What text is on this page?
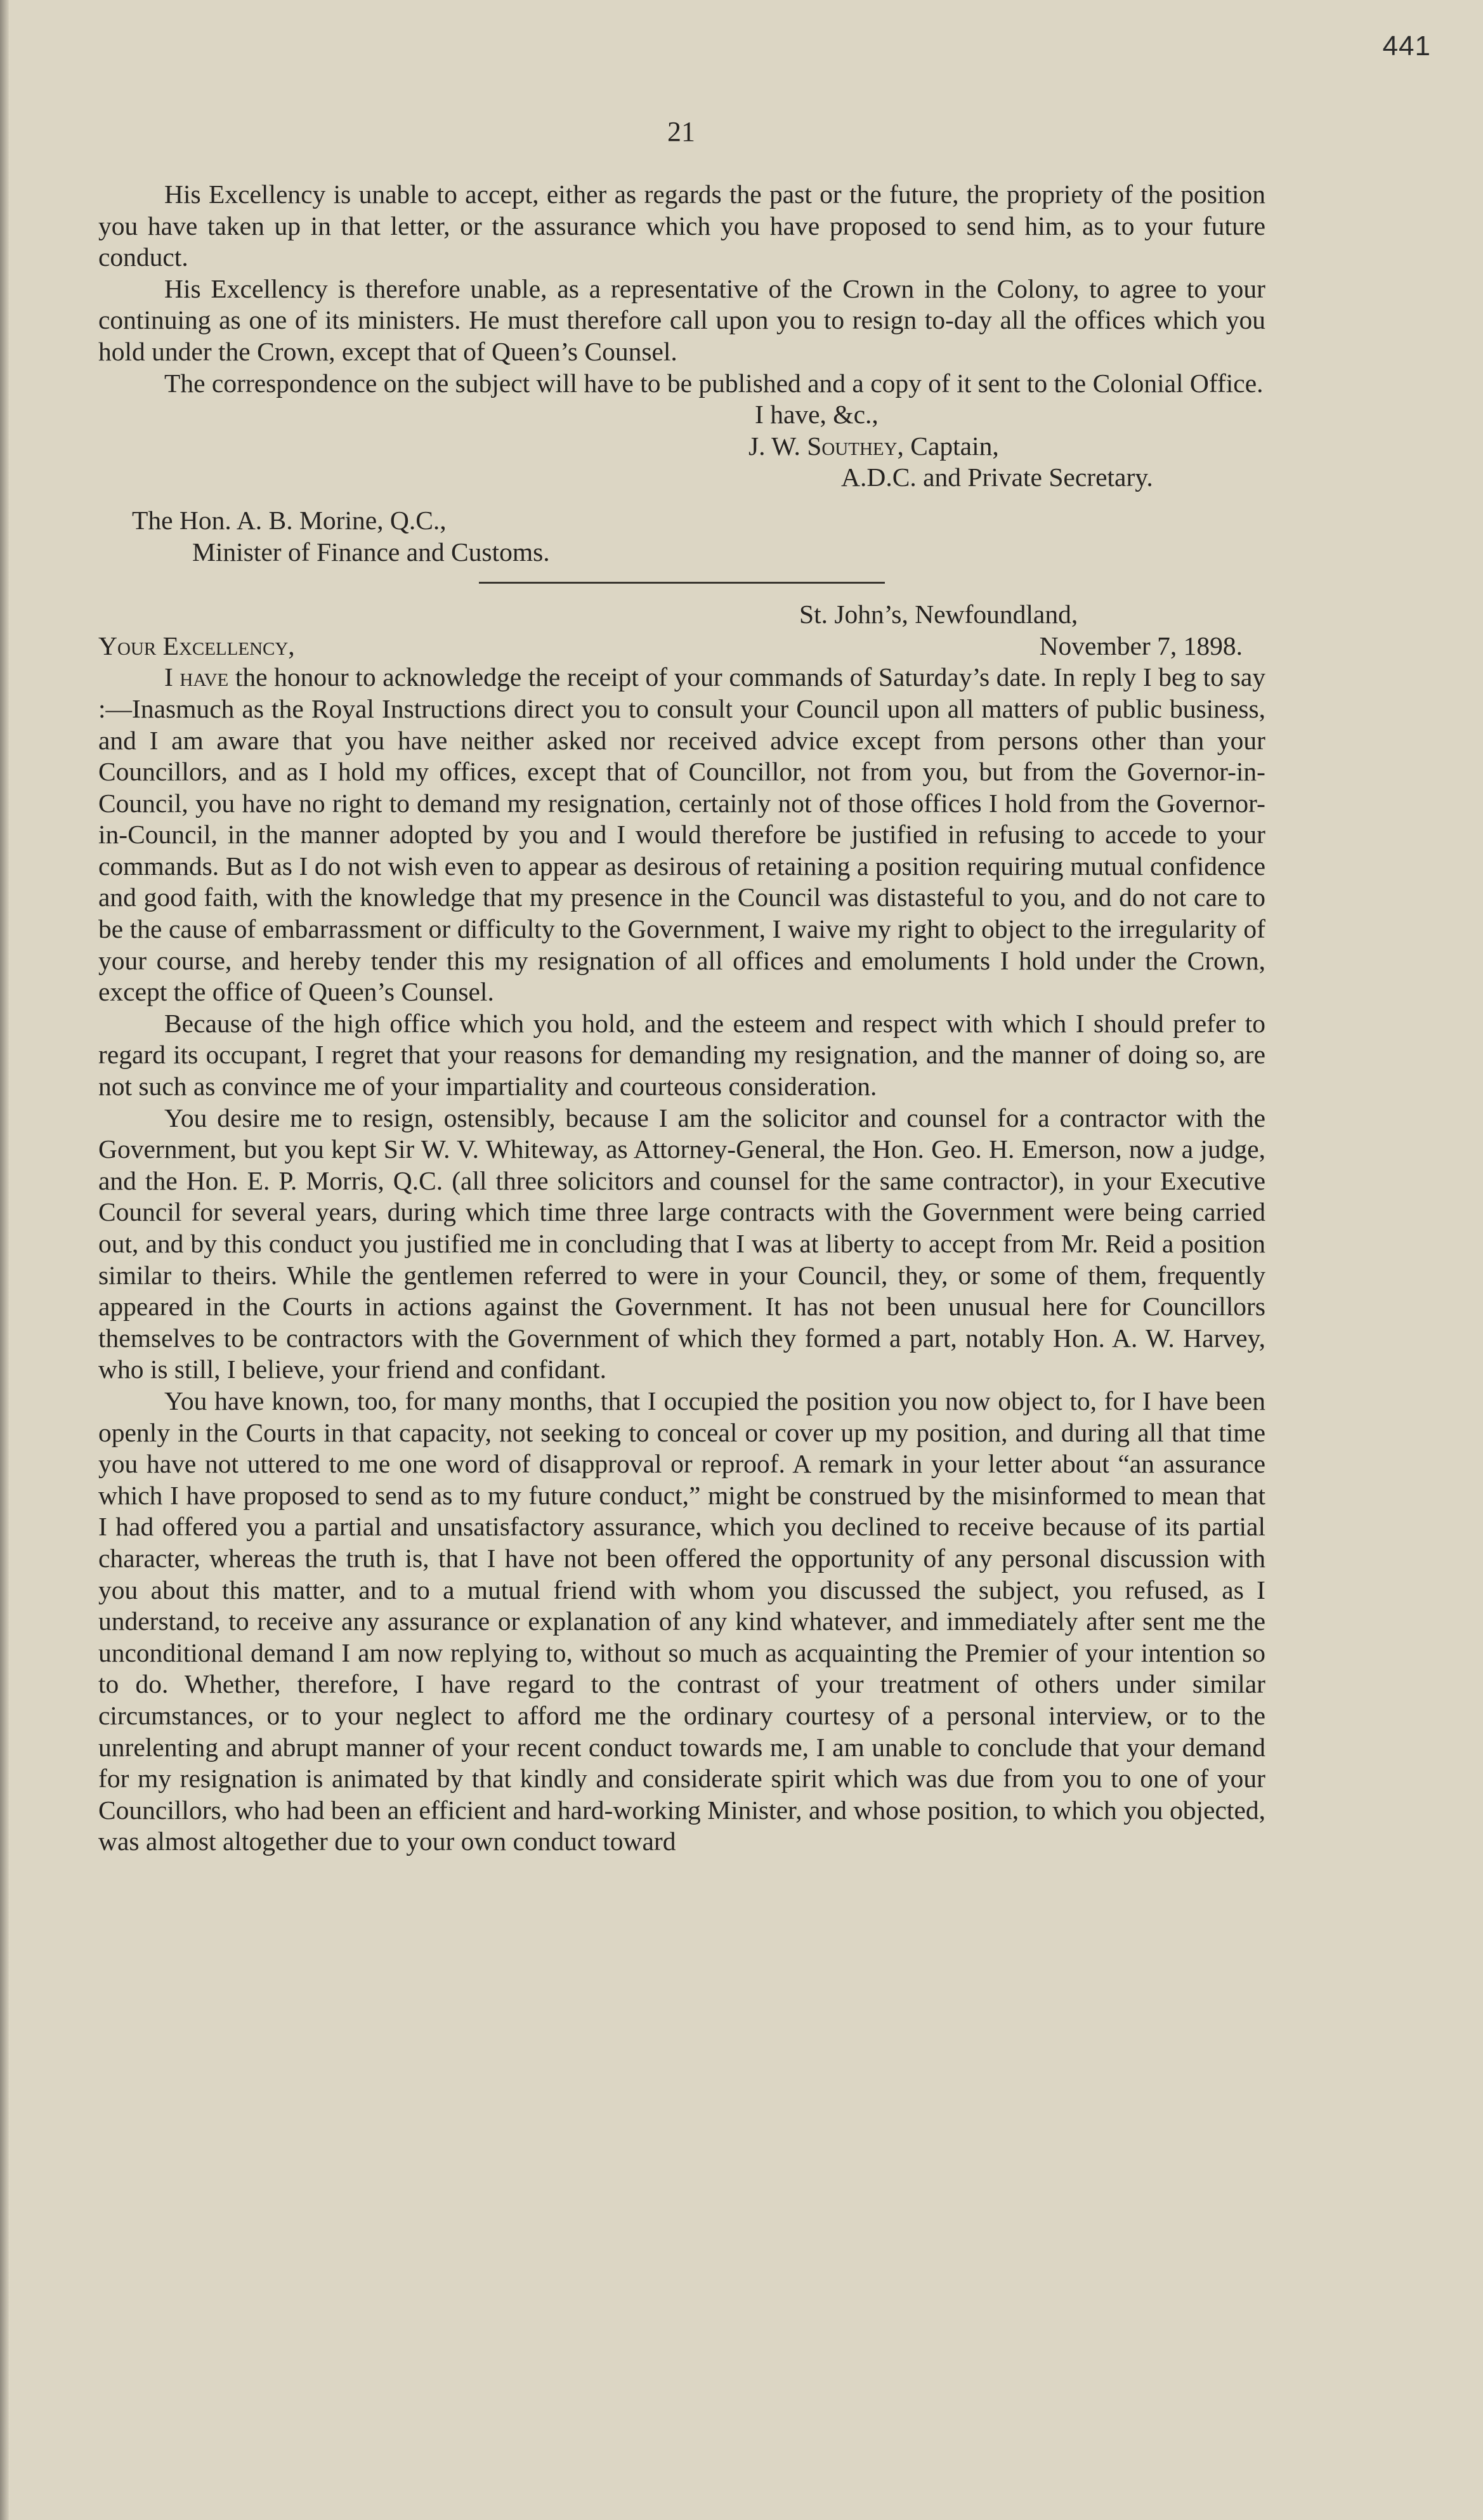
441
21

His Excellency is unable to accept, either as regards the past or the future, the propriety of the position you have taken up in that letter, or the assurance which you have proposed to send him, as to your future conduct.

His Excellency is therefore unable, as a representative of the Crown in the Colony, to agree to your continuing as one of its ministers. He must therefore call upon you to resign to-day all the offices which you hold under the Crown, except that of Queen’s Counsel.

The correspondence on the subject will have to be published and a copy of it sent to the Colonial Office.

I have, &c.,
J. W. Southey, Captain,
A.D.C. and Private Secretary.
The Hon. A. B. Morine, Q.C.,
Minister of Finance and Customs.
St. John’s, Newfoundland,
Your Excellency,	November 7, 1898.

I have the honour to acknowledge the receipt of your commands of Saturday’s date. In reply I beg to say :—Inasmuch as the Royal Instructions direct you to consult your Council upon all matters of public business, and I am aware that you have neither asked nor received advice except from persons other than your Councillors, and as I hold my offices, except that of Councillor, not from you, but from the Governor-in-Council, you have no right to demand my resignation, certainly not of those offices I hold from the Governor-in-Council, in the manner adopted by you and I would therefore be justified in refusing to accede to your commands. But as I do not wish even to appear as desirous of retaining a position requiring mutual confidence and good faith, with the knowledge that my presence in the Council was distasteful to you, and do not care to be the cause of embarrassment or difficulty to the Government, I waive my right to object to the irregularity of your course, and hereby tender this my resignation of all offices and emoluments I hold under the Crown, except the office of Queen’s Counsel.

Because of the high office which you hold, and the esteem and respect with which I should prefer to regard its occupant, I regret that your reasons for demanding my resignation, and the manner of doing so, are not such as convince me of your impartiality and courteous consideration.

You desire me to resign, ostensibly, because I am the solicitor and counsel for a contractor with the Government, but you kept Sir W. V. Whiteway, as Attorney-General, the Hon. Geo. H. Emerson, now a judge, and the Hon. E. P. Morris, Q.C. (all three solicitors and counsel for the same contractor), in your Executive Council for several years, during which time three large contracts with the Government were being carried out, and by this conduct you justified me in concluding that I was at liberty to accept from Mr. Reid a position similar to theirs. While the gentlemen referred to were in your Council, they, or some of them, frequently appeared in the Courts in actions against the Government. It has not been unusual here for Councillors themselves to be contractors with the Government of which they formed a part, notably Hon. A. W. Harvey, who is still, I believe, your friend and confidant.

You have known, too, for many months, that I occupied the position you now object to, for I have been openly in the Courts in that capacity, not seeking to conceal or cover up my position, and during all that time you have not uttered to me one word of disapproval or reproof. A remark in your letter about “an assurance which I have proposed to send as to my future conduct,” might be construed by the misinformed to mean that I had offered you a partial and unsatisfactory assurance, which you declined to receive because of its partial character, whereas the truth is, that I have not been offered the opportunity of any personal discussion with you about this matter, and to a mutual friend with whom you discussed the subject, you refused, as I understand, to receive any assurance or explanation of any kind whatever, and immediately after sent me the unconditional demand I am now replying to, without so much as acquainting the Premier of your intention so to do. Whether, therefore, I have regard to the contrast of your treatment of others under similar circumstances, or to your neglect to afford me the ordinary courtesy of a personal interview, or to the unrelenting and abrupt manner of your recent conduct towards me, I am unable to conclude that your demand for my resignation is animated by that kindly and considerate spirit which was due from you to one of your Councillors, who had been an efficient and hard-working Minister, and whose position, to which you objected, was almost altogether due to your own conduct toward
